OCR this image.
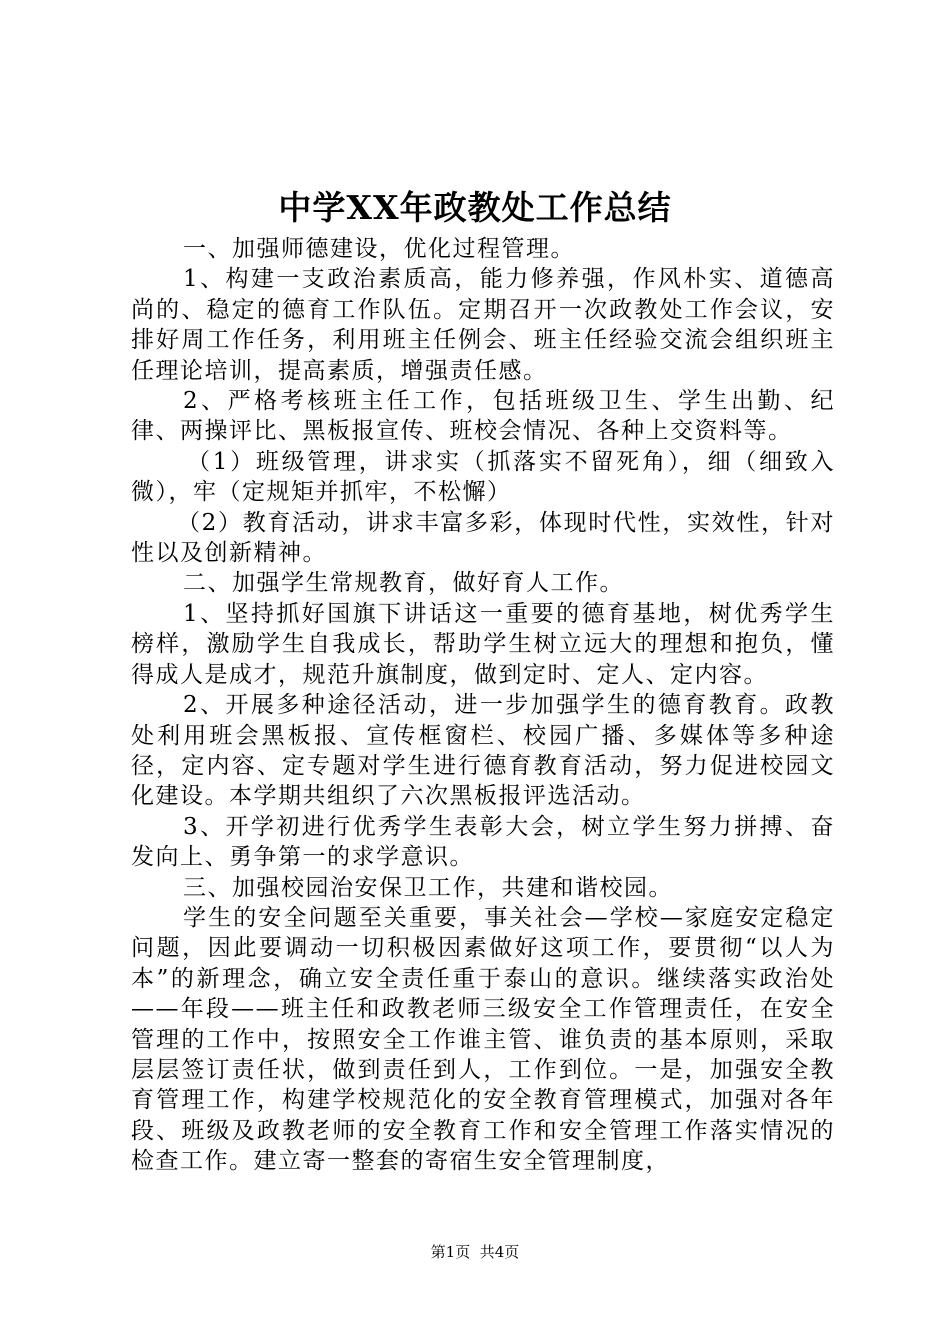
中学XX年政教处工作总结

一、加强师德建设，优化过程管理。

1、构建一支政治素质高，能力修养强，作风朴实、道德高尚的、稳定的德育工作队伍。定期召开一次政教处工作会议，安排好周工作任务，利用班主任例会、班主任经验交流会组织班主任理论培训，提高素质，增强责任感。

2、严格考核班主任工作，包括班级卫生、学生出勤、纪律、两操评比、黑板报宣传、班校会情况、各种上交资料等。

（1）班级管理，讲求实（抓落实不留死角），细（细致入微），牢（定规矩并抓牢，不松懈）

（2）教育活动，讲求丰富多彩，体现时代性，实效性，针对性以及创新精神。

二、加强学生常规教育，做好育人工作。

1、坚持抓好国旗下讲话这一重要的德育基地，树优秀学生榜样，激励学生自我成长，帮助学生树立远大的理想和抱负，懂得成人是成才，规范升旗制度，做到定时、定人、定内容。

2、开展多种途径活动，进一步加强学生的德育教育。政教处利用班会黑板报、宣传框窗栏、校园广播、多媒体等多种途径，定内容、定专题对学生进行德育教育活动，努力促进校园文化建设。本学期共组织了六次黑板报评选活动。

3、开学初进行优秀学生表彰大会，树立学生努力拼搏、奋发向上、勇争第一的求学意识。

三、加强校园治安保卫工作，共建和谐校园。

学生的安全问题至关重要，事关社会—学校—家庭安定稳定问题，因此要调动一切积极因素做好这项工作，要贯彻“以人为本”的新理念，确立安全责任重于泰山的意识。继续落实政治处——年段——班主任和政教老师三级安全工作管理责任，在安全管理的工作中，按照安全工作谁主管、谁负责的基本原则，采取层层签订责任状，做到责任到人，工作到位。一是，加强安全教育管理工作，构建学校规范化的安全教育管理模式，加强对各年段、班级及政教老师的安全教育工作和安全管理工作落实情况的检查工作。建立寄一整套的寄宿生安全管理制度，

第1页 共4页
